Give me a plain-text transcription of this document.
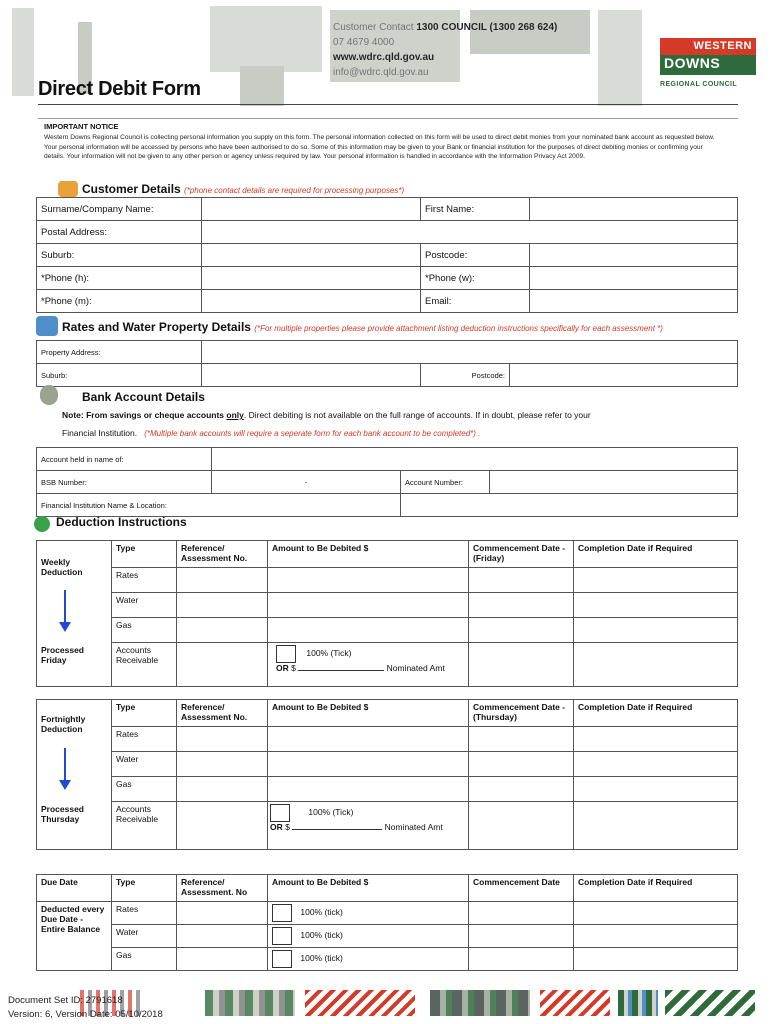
Customer Contact 1300 COUNCIL (1300 268 624)
07 4679 4000
www.wdrc.qld.gov.au
info@wdrc.qld.gov.au
WESTERN
DOWNS
REGIONAL COUNCIL
Direct Debit Form
IMPORTANT NOTICE
Western Downs Regional Council is collecting personal information you supply on this form. The personal information collected on this form will be used to direct debit monies from your nominated bank account as requested below. Your personal information will be accessed by persons who have been authorised to do so. Some of this information may be given to your Bank or financial institution for the purposes of direct debiting monies or confirming your details. Your information will not be given to any other person or agency unless required by law. Your personal information is handled in accordance with the Information Privacy Act 2009.
Customer Details (*phone contact details are required for processing purposes*)
Surname/Company Name:		First Name:	
Postal Address:			
Suburb:		Postcode:	
*Phone (h):		*Phone (w):	
*Phone (m):		Email:	
Rates and Water Property Details (*For multiple properties please provide attachment listing deduction instructions specifically for each assessment *)
Property Address:			
Suburb:		Postcode:	
Bank Account Details
Note: From savings or cheque accounts only. Direct debiting is not available on the full range of accounts. If in doubt, please refer to your
Financial Institution. (*Multiple bank accounts will require a seperate form for each bank account to be completed*) .
Account held in name of:			
BSB Number:	-	Account Number:	
Financial Institution Name & Location:			
Deduction Instructions
Weekly Deduction	Type	Reference/ Assessment No.	Amount to Be Debited $	Commencement Date - (Friday)	Completion Date if Required
	Rates				
	Water				
	Gas				
Processed Friday	Accounts Receivable		100% (Tick)
OR $ Nominated Amt		
Fortnightly Deduction	Type	Reference/ Assessment No.	Amount to Be Debited $	Commencement Date - (Thursday)	Completion Date if Required
	Rates				
	Water				
	Gas				
Processed Thursday	Accounts Receivable		100% (Tick)
OR $ Nominated Amt		
Due Date	Type	Reference/ Assessment. No	Amount to Be Debited $	Commencement Date	Completion Date if Required
Deducted every Due Date - Entire Balance	Rates		100% (tick)		
	Water		100% (tick)		
	Gas		100% (tick)		
Document Set ID: 2791618
Version: 6, Version Date: 05/10/2018
